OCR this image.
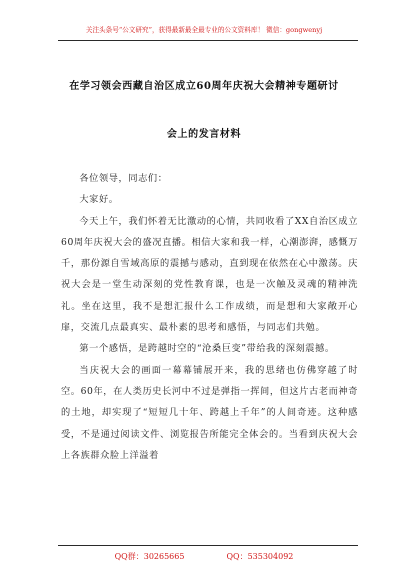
关注头条号“公文研究”，获得最新最全最专业的公文资料库！ 微信：gongwenyj
在学习领会西藏自治区成立60周年庆祝大会精神专题研讨
会上的发言材料

各位领导，同志们：

大家好。

今天上午，我们怀着无比激动的心情，共同收看了XX自治区成立60周年庆祝大会的盛况直播。相信大家和我一样，心潮澎湃，感慨万千，那份源自雪域高原的震撼与感动，直到现在依然在心中激荡。庆祝大会是一堂生动深刻的党性教育课，也是一次触及灵魂的精神洗礼。坐在这里，我不是想汇报什么工作成绩，而是想和大家敞开心扉，交流几点最真实、最朴素的思考和感悟，与同志们共勉。

第一个感悟，是跨越时空的“沧桑巨变”带给我的深刻震撼。

当庆祝大会的画面一幕幕铺展开来，我的思绪也仿佛穿越了时空。60年，在人类历史长河中不过是弹指一挥间，但这片古老而神奇的土地，却实现了“短短几十年、跨越上千年”的人间奇迹。这种感受，不是通过阅读文件、浏览报告所能完全体会的。当看到庆祝大会上各族群众脸上洋溢着

QQ群：30265665	QQ：535304092
